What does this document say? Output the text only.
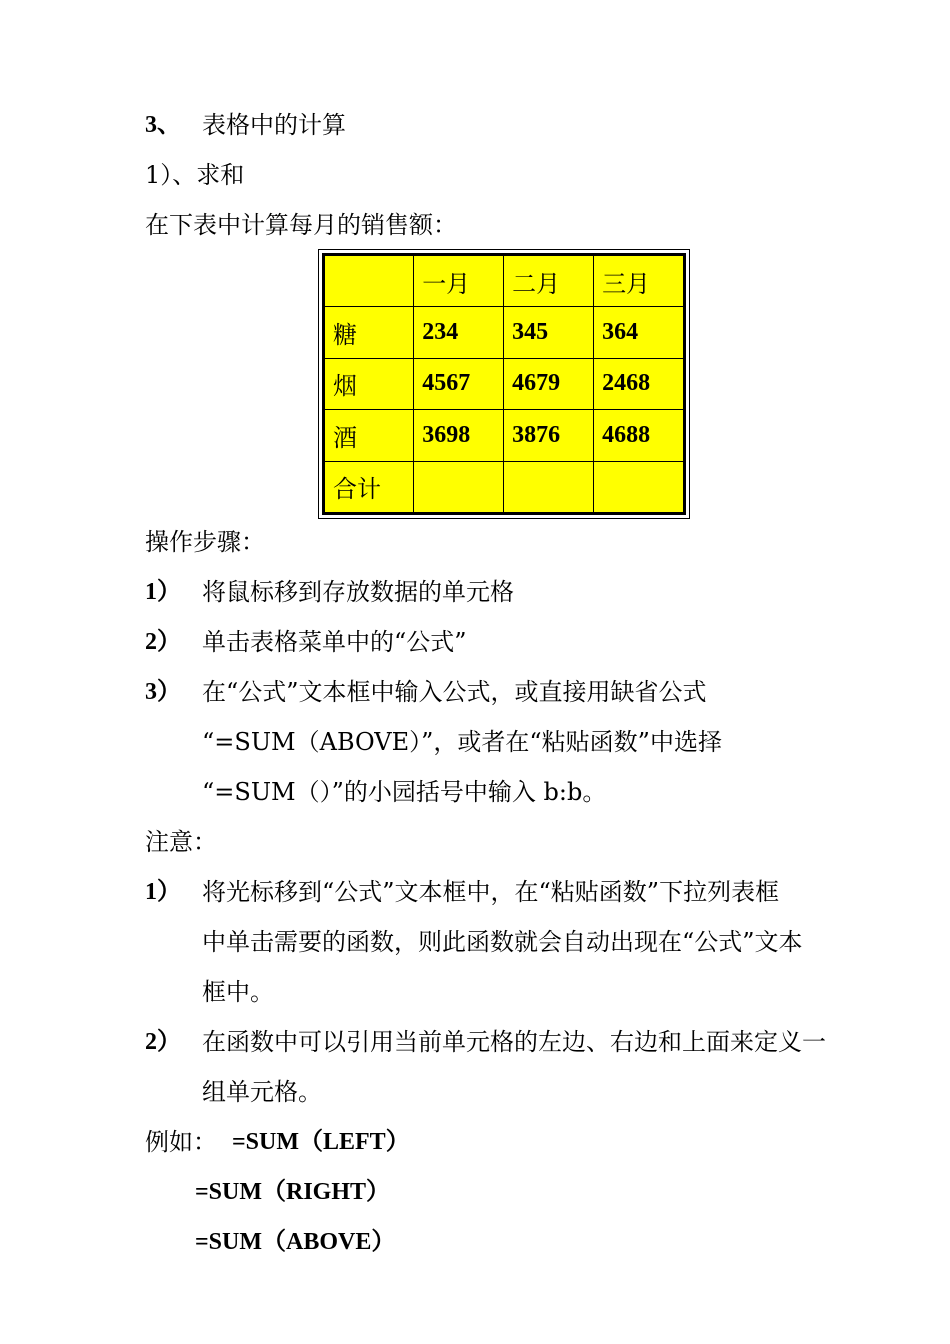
3、 表格中的计算
1）、求和
在下表中计算每月的销售额：
	一月	二月	三月
糖	234	345	364
烟	4567	4679	2468
酒	3698	3876	4688
合计			
操作步骤：
1） 将鼠标移到存放数据的单元格
2） 单击表格菜单中的“公式”
3） 在“公式”文本框中输入公式，或直接用缺省公式
“=SUM（ABOVE）”，或者在“粘贴函数”中选择
“=SUM（）”的小园括号中输入 b:b。
注意：
1） 将光标移到“公式”文本框中，在“粘贴函数”下拉列表框
中单击需要的函数，则此函数就会自动出现在“公式”文本
框中。
2） 在函数中可以引用当前单元格的左边、右边和上面来定义一
组单元格。
例如： =SUM（LEFT）
=SUM（RIGHT）
=SUM（ABOVE）
